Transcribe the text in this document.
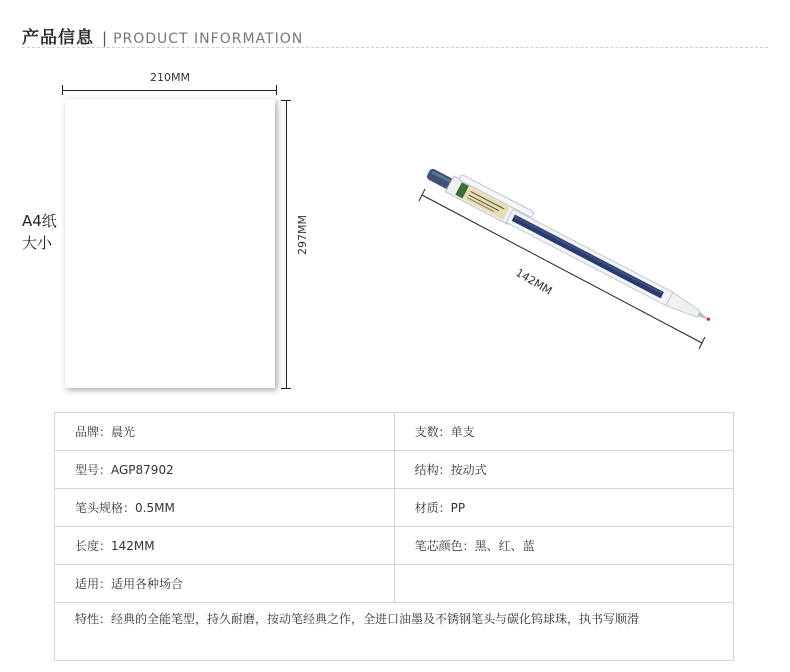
产品信息 | PRODUCT INFORMATION
210MM
297MM
A4纸
大小
142MM
品牌：晨光	支数：单支
型号：AGP87902	结构：按动式
笔头规格：0.5MM	材质：PP
长度：142MM	笔芯颜色：黑、红、蓝
适用：适用各种场合	
特性：经典的全能笔型，持久耐磨，按动笔经典之作，全进口油墨及不锈钢笔头与碳化钨球珠，执书写顺滑	
